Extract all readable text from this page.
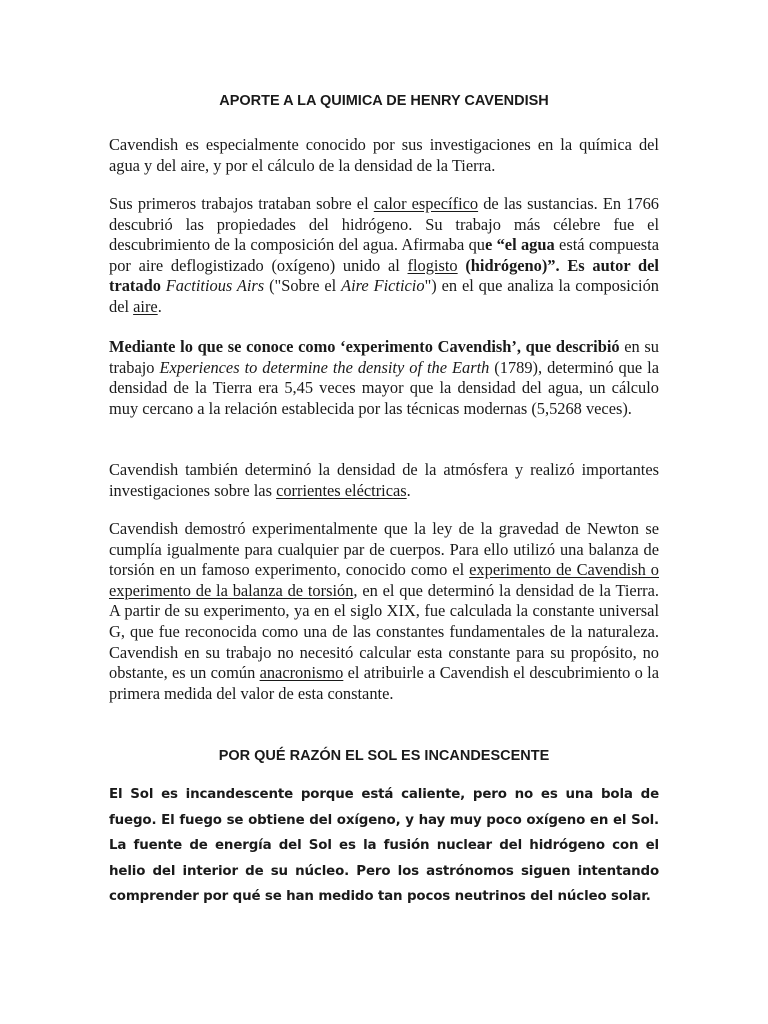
APORTE A LA QUIMICA DE HENRY CAVENDISH

Cavendish es especialmente conocido por sus investigaciones en la química del agua y del aire, y por el cálculo de la densidad de la Tierra.

Sus primeros trabajos trataban sobre el calor específico de las sustancias. En 1766 descubrió las propiedades del hidrógeno. Su trabajo más célebre fue el descubrimiento de la composición del agua. Afirmaba que “el agua está compuesta por aire deflogistizado (oxígeno) unido al flogisto (hidrógeno)”. Es autor del tratado Factitious Airs ("Sobre el Aire Ficticio") en el que analiza la composición del aire.

Mediante lo que se conoce como ‘experimento Cavendish’, que describió en su trabajo Experiences to determine the density of the Earth (1789), determinó que la densidad de la Tierra era 5,45 veces mayor que la densidad del agua, un cálculo muy cercano a la relación establecida por las técnicas modernas (5,5268 veces).

Cavendish también determinó la densidad de la atmósfera y realizó importantes investigaciones sobre las corrientes eléctricas.

Cavendish demostró experimentalmente que la ley de la gravedad de Newton se cumplía igualmente para cualquier par de cuerpos. Para ello utilizó una balanza de torsión en un famoso experimento, conocido como el experimento de Cavendish o experimento de la balanza de torsión, en el que determinó la densidad de la Tierra. A partir de su experimento, ya en el siglo XIX, fue calculada la constante universal G, que fue reconocida como una de las constantes fundamentales de la naturaleza. Cavendish en su trabajo no necesitó calcular esta constante para su propósito, no obstante, es un común anacronismo el atribuirle a Cavendish el descubrimiento o la primera medida del valor de esta constante.

POR QUÉ RAZÓN EL SOL ES INCANDESCENTE

El Sol es incandescente porque está caliente, pero no es una bola de fuego. El fuego se obtiene del oxígeno, y hay muy poco oxígeno en el Sol. La fuente de energía del Sol es la fusión nuclear del hidrógeno con el helio del interior de su núcleo. Pero los astrónomos siguen intentando comprender por qué se han medido tan pocos neutrinos del núcleo solar.
